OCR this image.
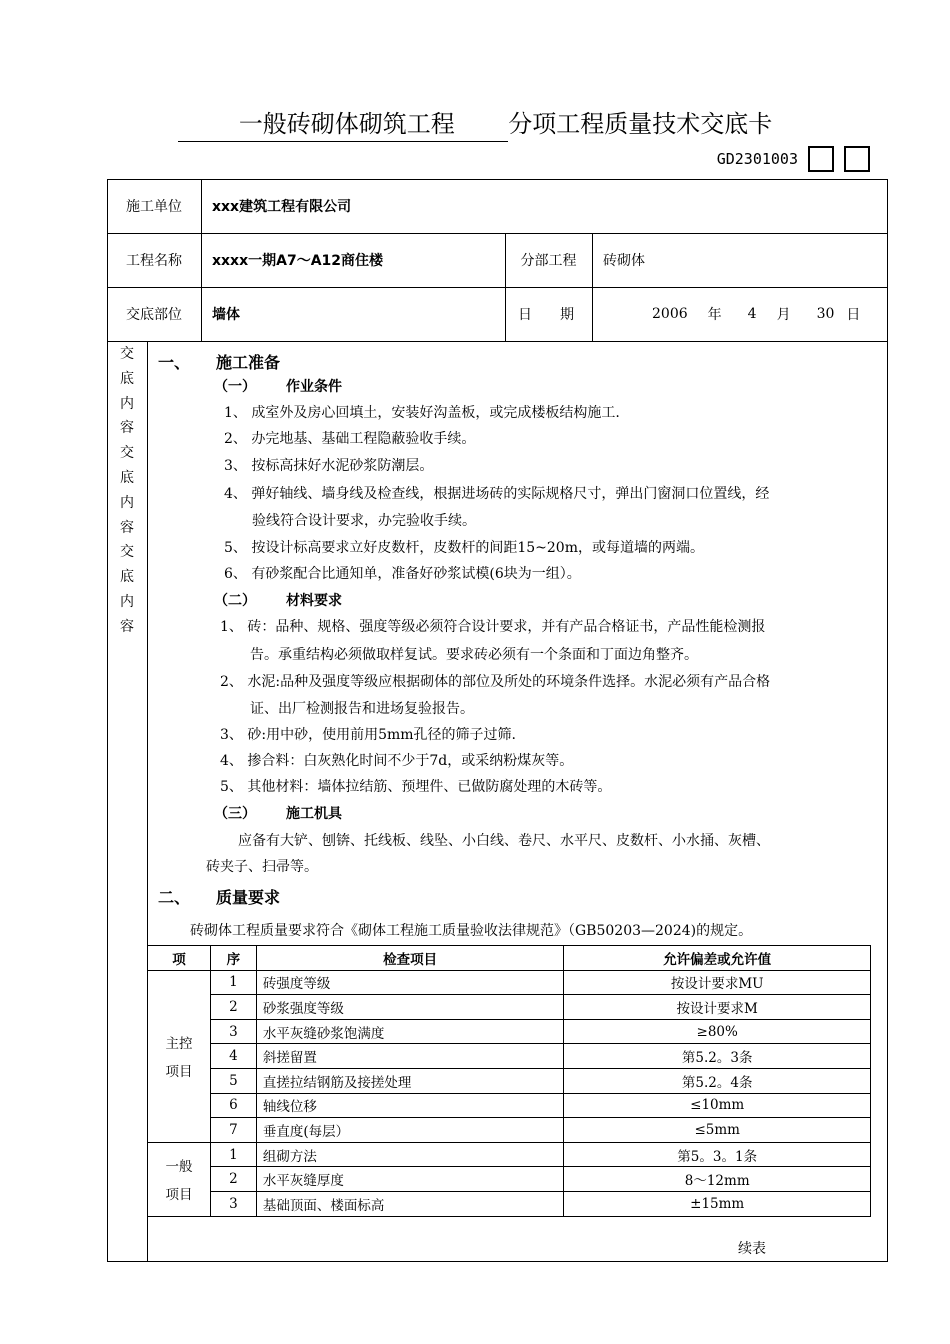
一般砖砌体砌筑工程 分项工程质量技术交底卡
GD2301003
施工单位	xxx建筑工程有限公司
工程名称	xxxx一期A7～A12商住楼	分部工程	砖砌体
交底部位	墙体	日　　期	2006 年 4 月 30 日
交
底
内
容
交
底
内
容
交
底
内
容
一、 施工准备
（一） 作业条件
1、 成室外及房心回填土，安装好沟盖板，或完成楼板结构施工.
2、 办完地基、基础工程隐蔽验收手续。
3、 按标高抹好水泥砂浆防潮层。
4、 弹好轴线、墙身线及检查线，根据进场砖的实际规格尺寸，弹出门窗洞口位置线，经
验线符合设计要求，办完验收手续。
5、 按设计标高要求立好皮数杆，皮数杆的间距15~20m，或每道墙的两端。
6、 有砂浆配合比通知单，准备好砂浆试模(6块为一组）。
（二） 材料要求
1、 砖：品种、规格、强度等级必须符合设计要求，并有产品合格证书，产品性能检测报
告。承重结构必须做取样复试。要求砖必须有一个条面和丁面边角整齐。
2、 水泥:品种及强度等级应根据砌体的部位及所处的环境条件选择。水泥必须有产品合格
证、出厂检测报告和进场复验报告。
3、 砂:用中砂，使用前用5mm孔径的筛子过筛.
4、 掺合料：白灰熟化时间不少于7d，或采纳粉煤灰等。
5、 其他材料：墙体拉结筋、预埋件、已做防腐处理的木砖等。
（三） 施工机具
应备有大铲、刨锛、托线板、线坠、小白线、卷尺、水平尺、皮数杆、小水捅、灰槽、
砖夹子、扫帚等。
二、 质量要求
砖砌体工程质量要求符合《砌体工程施工质量验收法律规范》（GB50203—2024)的规定。
项	序	检查项目	允许偏差或允许值

主控
项目	1	砖强度等级	按设计要求MU
	2	砂浆强度等级	按设计要求M
	3	水平灰缝砂浆饱满度	≥80%
	4	斜搓留置	第5.2。3条
	5	直搓拉结钢筋及接搓处理	第5.2。4条
	6	轴线位移	≤10mm
	7	垂直度(每层）	≤5mm

一般
项目	1	组砌方法	第5。3。1条
	2	水平灰缝厚度	8～12mm
	3	基础顶面、楼面标高	±15mm
续表
